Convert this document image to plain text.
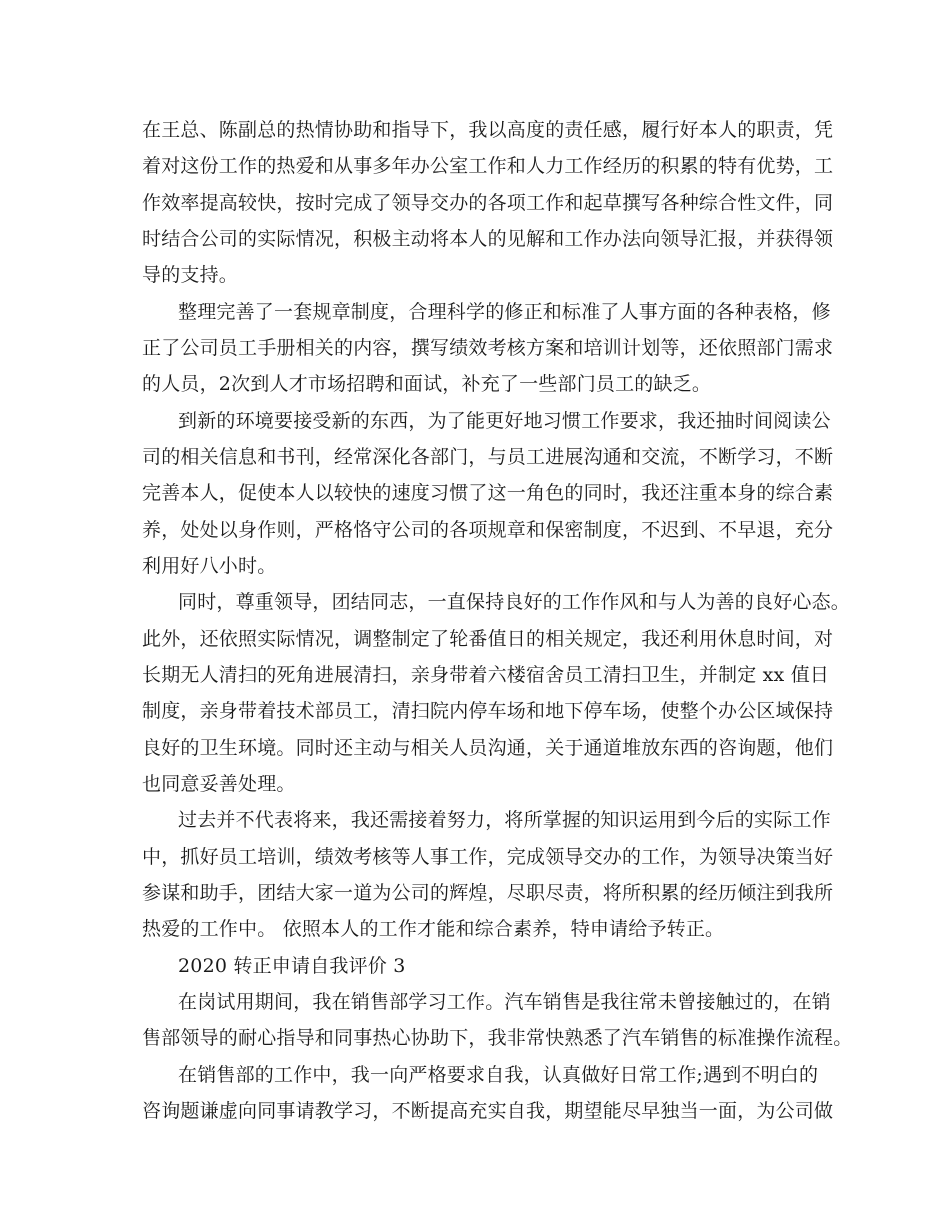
在王总、陈副总的热情协助和指导下，我以高度的责任感，履行好本人的职责，凭
着对这份工作的热爱和从事多年办公室工作和人力工作经历的积累的特有优势，工
作效率提高较快，按时完成了领导交办的各项工作和起草撰写各种综合性文件，同
时结合公司的实际情况，积极主动将本人的见解和工作办法向领导汇报，并获得领
导的支持。
整理完善了一套规章制度，合理科学的修正和标准了人事方面的各种表格，修
正了公司员工手册相关的内容，撰写绩效考核方案和培训计划等，还依照部门需求
的人员，2次到人才市场招聘和面试，补充了一些部门员工的缺乏。
到新的环境要接受新的东西，为了能更好地习惯工作要求，我还抽时间阅读公
司的相关信息和书刊，经常深化各部门，与员工进展沟通和交流，不断学习，不断
完善本人，促使本人以较快的速度习惯了这一角色的同时，我还注重本身的综合素
养，处处以身作则，严格恪守公司的各项规章和保密制度，不迟到、不早退，充分
利用好八小时。
同时，尊重领导，团结同志，一直保持良好的工作作风和与人为善的良好心态。
此外，还依照实际情况，调整制定了轮番值日的相关规定，我还利用休息时间，对
长期无人清扫的死角进展清扫，亲身带着六楼宿舍员工清扫卫生，并制定 xx 值日
制度，亲身带着技术部员工，清扫院内停车场和地下停车场，使整个办公区域保持
良好的卫生环境。同时还主动与相关人员沟通，关于通道堆放东西的咨询题，他们
也同意妥善处理。
过去并不代表将来，我还需接着努力，将所掌握的知识运用到今后的实际工作
中，抓好员工培训，绩效考核等人事工作，完成领导交办的工作，为领导决策当好
参谋和助手，团结大家一道为公司的辉煌，尽职尽责，将所积累的经历倾注到我所
热爱的工作中。 依照本人的工作才能和综合素养，特申请给予转正。
2020 转正申请自我评价 3
在岗试用期间，我在销售部学习工作。汽车销售是我往常未曾接触过的，在销
售部领导的耐心指导和同事热心协助下，我非常快熟悉了汽车销售的标准操作流程。
在销售部的工作中，我一向严格要求自我，认真做好日常工作;遇到不明白的
咨询题谦虚向同事请教学习，不断提高充实自我，期望能尽早独当一面，为公司做
